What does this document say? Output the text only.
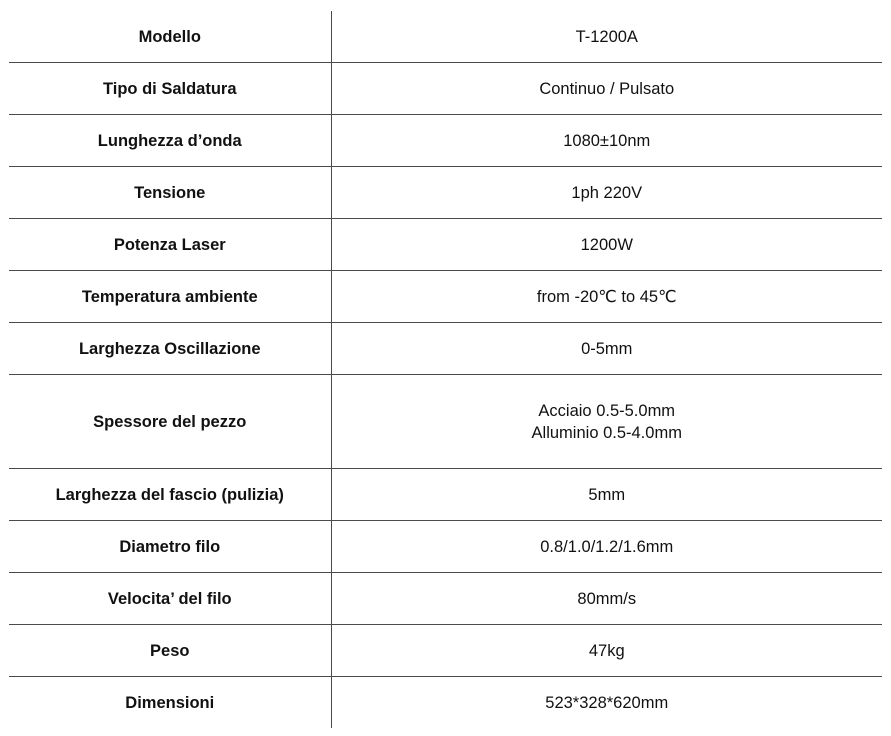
Modello	T-1200A
Tipo di Saldatura	Continuo / Pulsato
Lunghezza d’onda	1080±10nm
Tensione	1ph 220V
Potenza Laser	1200W
Temperatura ambiente	from -20℃ to 45℃
Larghezza Oscillazione	0-5mm
Spessore del pezzo	Acciaio 0.5-5.0mm
Alluminio 0.5-4.0mm

Larghezza del fascio (pulizia)	5mm
Diametro filo	0.8/1.0/1.2/1.6mm
Velocita’ del filo	80mm/s
Peso	47kg
Dimensioni	523*328*620mm
